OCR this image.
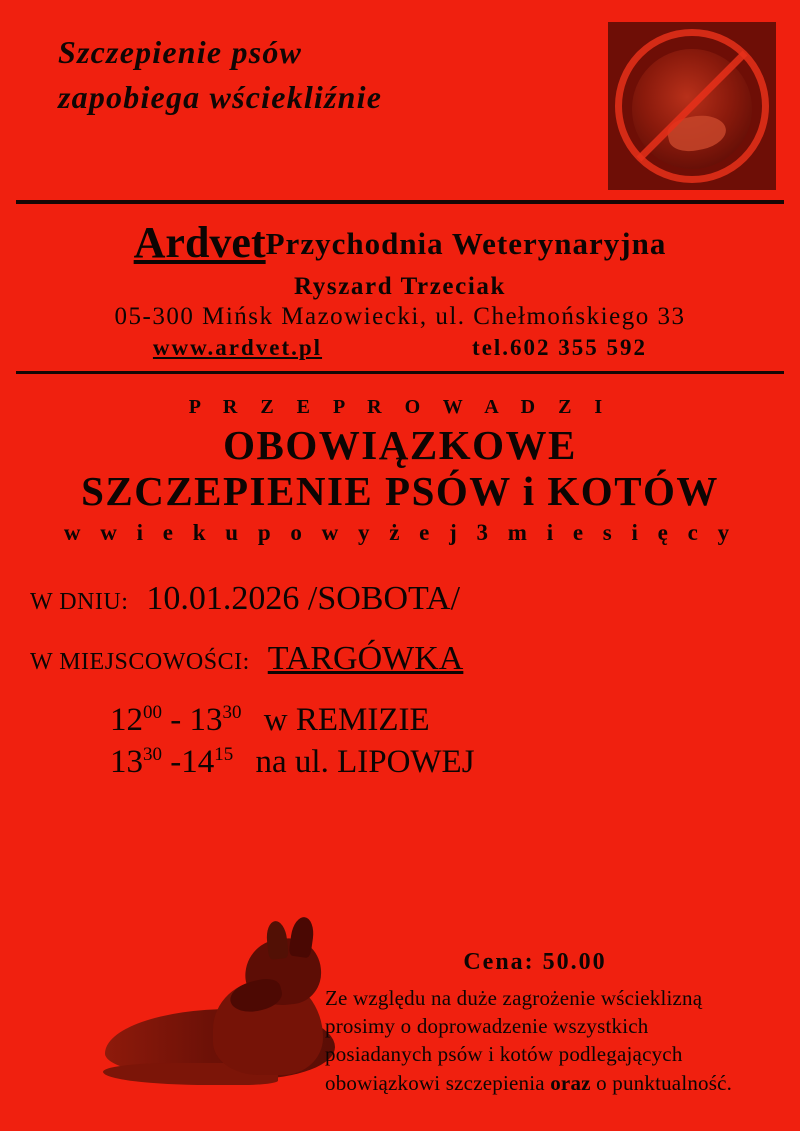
Szczepienie psów
zapobiega wściekliźnie
ArdvetPrzychodnia Weterynaryjna
Ryszard Trzeciak
05-300 Mińsk Mazowiecki, ul. Chełmońskiego 33
www.ardvet.pl	tel.602 355 592
P R Z E P R O W A D Z I
OBOWIĄZKOWE
SZCZEPIENIE PSÓW i KOTÓW
w w i e k u p o w y ż e j 3 m i e s i ę c y
W DNIU: 10.01.2026 /SOBOTA/
W MIEJSCOWOŚCI: TARGÓWKA
$12^{00} - 13^{30}$ w REMIZIE
$13^{30}$ $-14^{15}$ na ul. LIPOWEJ
Cena: 50.00
Ze względu na duże zagrożenie wścieklizną prosimy o doprowadzenie wszystkich posiadanych psów i kotów podlegających obowiązkowi szczepienia oraz o punktualność.
